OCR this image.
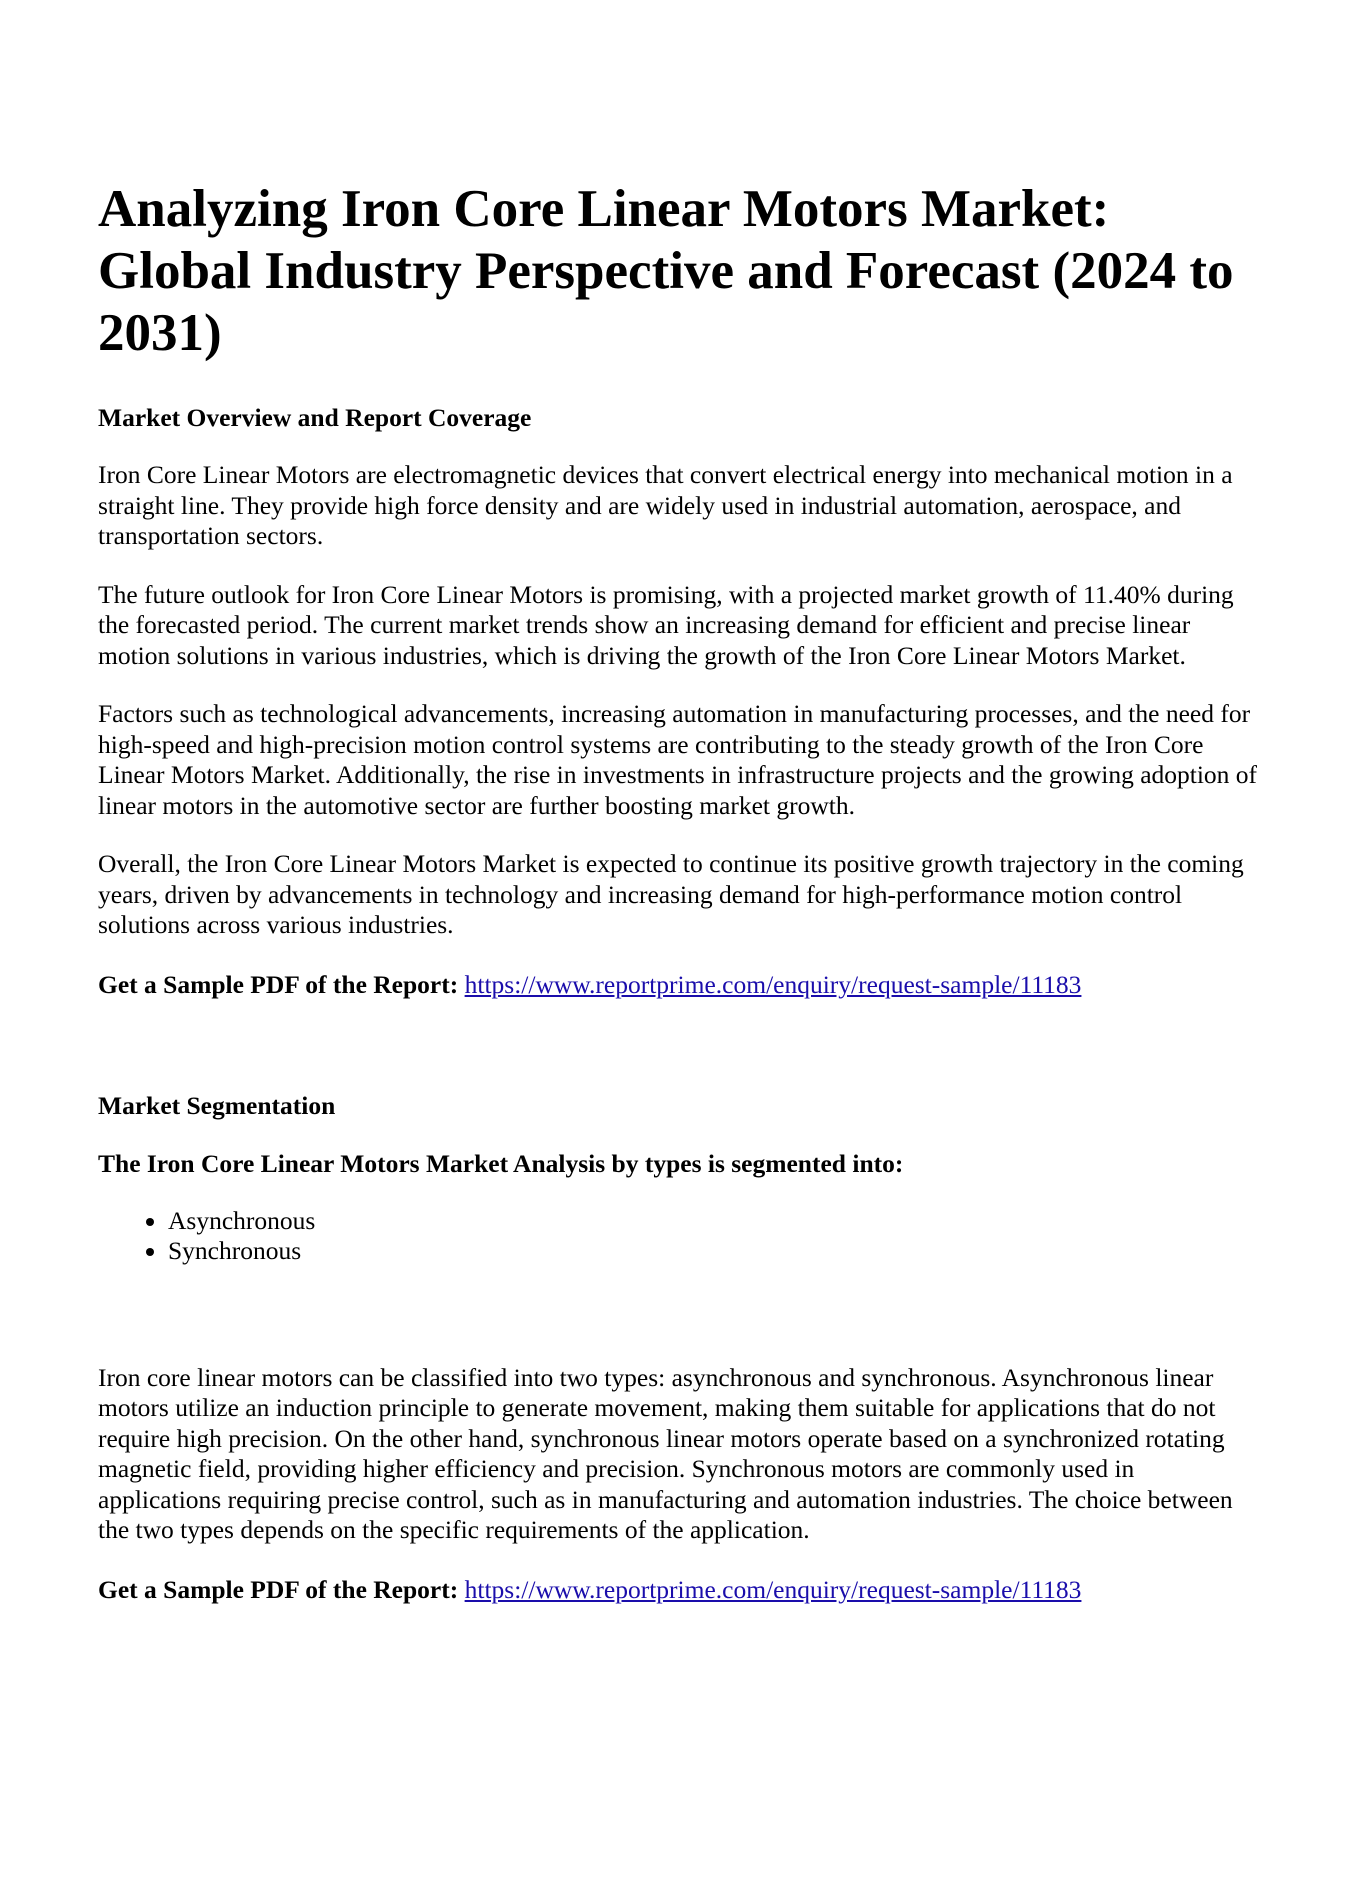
Analyzing Iron Core Linear Motors Market: Global Industry Perspective and Forecast (2024 to 2031)
Market Overview and Report Coverage

Iron Core Linear Motors are electromagnetic devices that convert electrical energy into mechanical motion in a straight line. They provide high force density and are widely used in industrial automation, aerospace, and transportation sectors.

The future outlook for Iron Core Linear Motors is promising, with a projected market growth of 11.40% during the forecasted period. The current market trends show an increasing demand for efficient and precise linear motion solutions in various industries, which is driving the growth of the Iron Core Linear Motors Market.

Factors such as technological advancements, increasing automation in manufacturing processes, and the need for high-speed and high-precision motion control systems are contributing to the steady growth of the Iron Core Linear Motors Market. Additionally, the rise in investments in infrastructure projects and the growing adoption of linear motors in the automotive sector are further boosting market growth.

Overall, the Iron Core Linear Motors Market is expected to continue its positive growth trajectory in the coming years, driven by advancements in technology and increasing demand for high-performance motion control solutions across various industries.

Get a Sample PDF of the Report: https://www.reportprime.com/enquiry/request-sample/11183
Market Segmentation
The Iron Core Linear Motors Market Analysis by types is segmented into:
• Asynchronous
• Synchronous

Iron core linear motors can be classified into two types: asynchronous and synchronous. Asynchronous linear motors utilize an induction principle to generate movement, making them suitable for applications that do not require high precision. On the other hand, synchronous linear motors operate based on a synchronized rotating magnetic field, providing higher efficiency and precision. Synchronous motors are commonly used in applications requiring precise control, such as in manufacturing and automation industries. The choice between the two types depends on the specific requirements of the application.

Get a Sample PDF of the Report: https://www.reportprime.com/enquiry/request-sample/11183
